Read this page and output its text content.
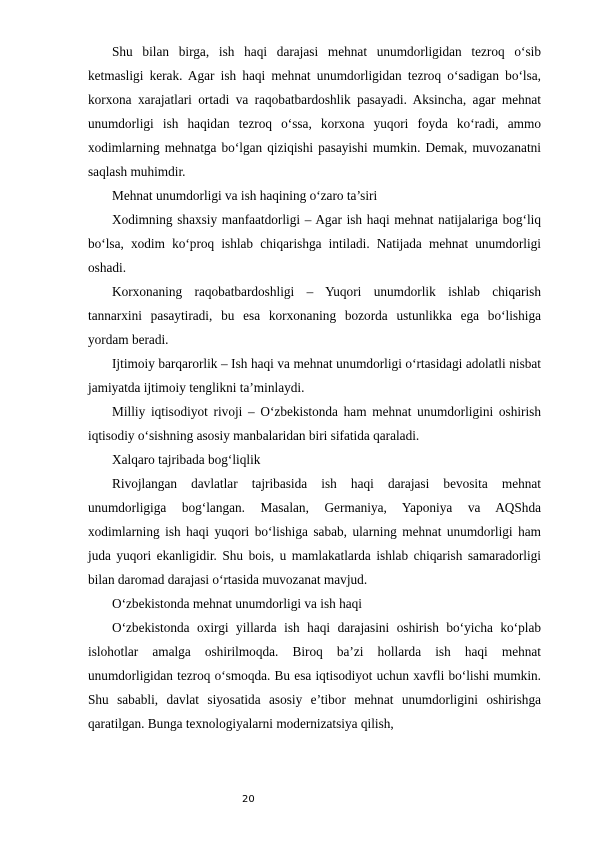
Shu bilan birga, ish haqi darajasi mehnat unumdorligidan tezroq o‘sib ketmasligi kerak. Agar ish haqi mehnat unumdorligidan tezroq o‘sadigan bo‘lsa, korxona xarajatlari ortadi va raqobatbardoshlik pasayadi. Aksincha, agar mehnat unumdorligi ish haqidan tezroq o‘ssa, korxona yuqori foyda ko‘radi, ammo xodimlarning mehnatga bo‘lgan qiziqishi pasayishi mumkin. Demak, muvozanatni saqlash muhimdir.

Mehnat unumdorligi va ish haqining o‘zaro ta’siri

Xodimning shaxsiy manfaatdorligi – Agar ish haqi mehnat natijalariga bog‘liq bo‘lsa, xodim ko‘proq ishlab chiqarishga intiladi. Natijada mehnat unumdorligi oshadi.

Korxonaning raqobatbardoshligi – Yuqori unumdorlik ishlab chiqarish tannarxini pasaytiradi, bu esa korxonaning bozorda ustunlikka ega bo‘lishiga yordam beradi.

Ijtimoiy barqarorlik – Ish haqi va mehnat unumdorligi o‘rtasidagi adolatli nisbat jamiyatda ijtimoiy tenglikni ta’minlaydi.

Milliy iqtisodiyot rivoji – O‘zbekistonda ham mehnat unumdorligini oshirish iqtisodiy o‘sishning asosiy manbalaridan biri sifatida qaraladi.

Xalqaro tajribada bog‘liqlik

Rivojlangan davlatlar tajribasida ish haqi darajasi bevosita mehnat unumdorligiga bog‘langan. Masalan, Germaniya, Yaponiya va AQShda xodimlarning ish haqi yuqori bo‘lishiga sabab, ularning mehnat unumdorligi ham juda yuqori ekanligidir. Shu bois, u mamlakatlarda ishlab chiqarish samaradorligi bilan daromad darajasi o‘rtasida muvozanat mavjud.

O‘zbekistonda mehnat unumdorligi va ish haqi

O‘zbekistonda oxirgi yillarda ish haqi darajasini oshirish bo‘yicha ko‘plab islohotlar amalga oshirilmoqda. Biroq ba’zi hollarda ish haqi mehnat unumdorligidan tezroq o‘smoqda. Bu esa iqtisodiyot uchun xavfli bo‘lishi mumkin. Shu sababli, davlat siyosatida asosiy e’tibor mehnat unumdorligini oshirishga qaratilgan. Bunga texnologiyalarni modernizatsiya qilish,

20
